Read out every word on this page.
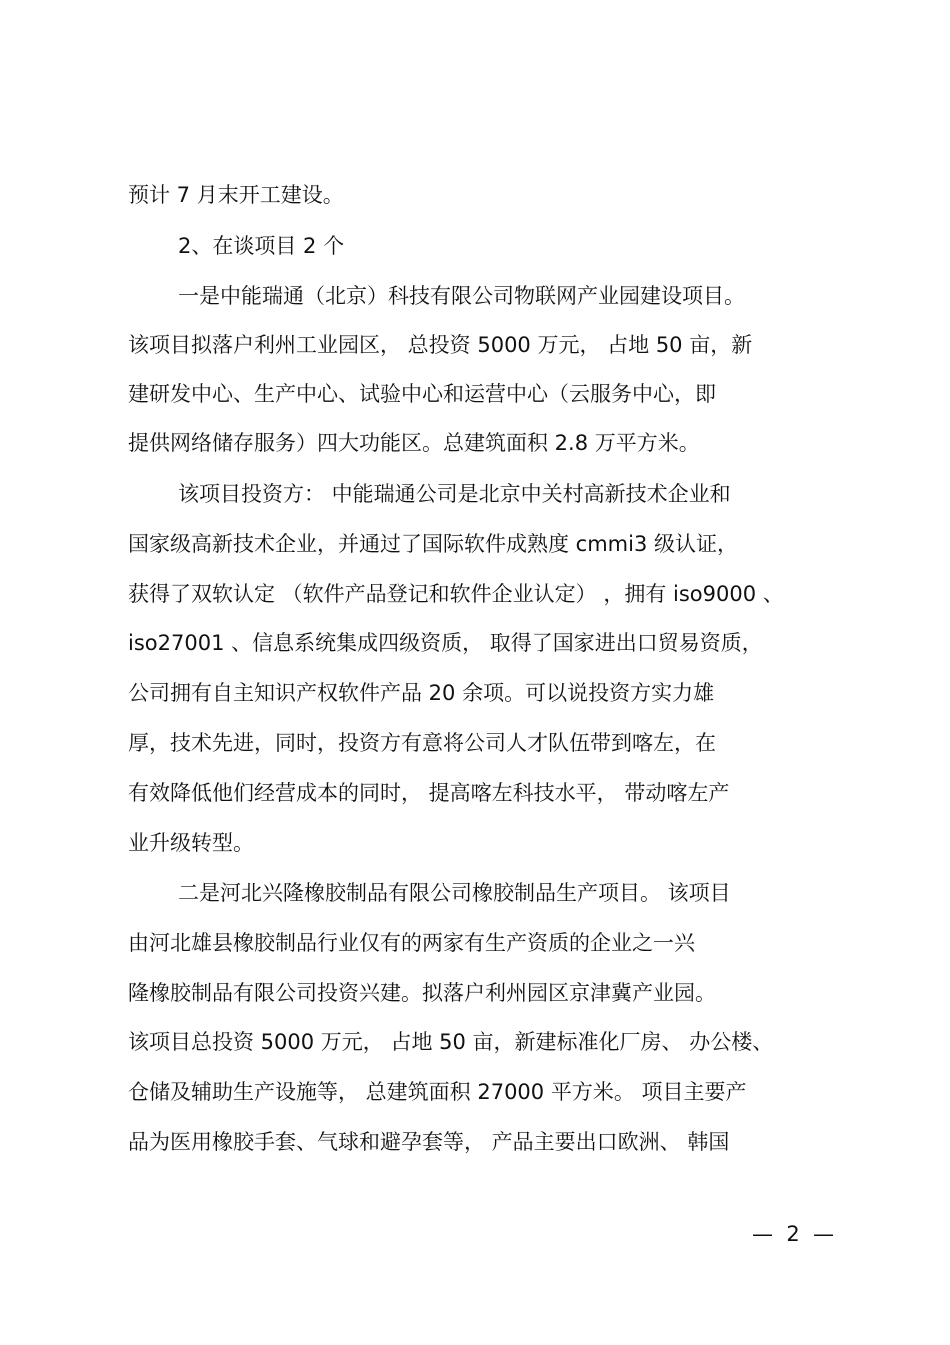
预计 7 月末开工建设。
2、在谈项目 2 个
一是中能瑞通（北京）科技有限公司物联网产业园建设项目。
该项目拟落户利州工业园区， 总投资 5000 万元， 占地 50 亩，新
建研发中心、生产中心、试验中心和运营中心（云服务中心，即
提供网络储存服务）四大功能区。总建筑面积 2.8 万平方米。
该项目投资方： 中能瑞通公司是北京中关村高新技术企业和
国家级高新技术企业，并通过了国际软件成熟度 cmmi3 级认证，
获得了双软认定 （软件产品登记和软件企业认定） ，拥有 iso9000 、
iso27001 、信息系统集成四级资质， 取得了国家进出口贸易资质，
公司拥有自主知识产权软件产品 20 余项。可以说投资方实力雄
厚，技术先进，同时，投资方有意将公司人才队伍带到喀左，在
有效降低他们经营成本的同时， 提高喀左科技水平， 带动喀左产
业升级转型。
二是河北兴隆橡胶制品有限公司橡胶制品生产项目。 该项目
由河北雄县橡胶制品行业仅有的两家有生产资质的企业之一兴
隆橡胶制品有限公司投资兴建。拟落户利州园区京津冀产业园。
该项目总投资 5000 万元， 占地 50 亩，新建标准化厂房、 办公楼、
仓储及辅助生产设施等， 总建筑面积 27000 平方米。 项目主要产
品为医用橡胶手套、气球和避孕套等， 产品主要出口欧洲、 韩国
—  2  —
